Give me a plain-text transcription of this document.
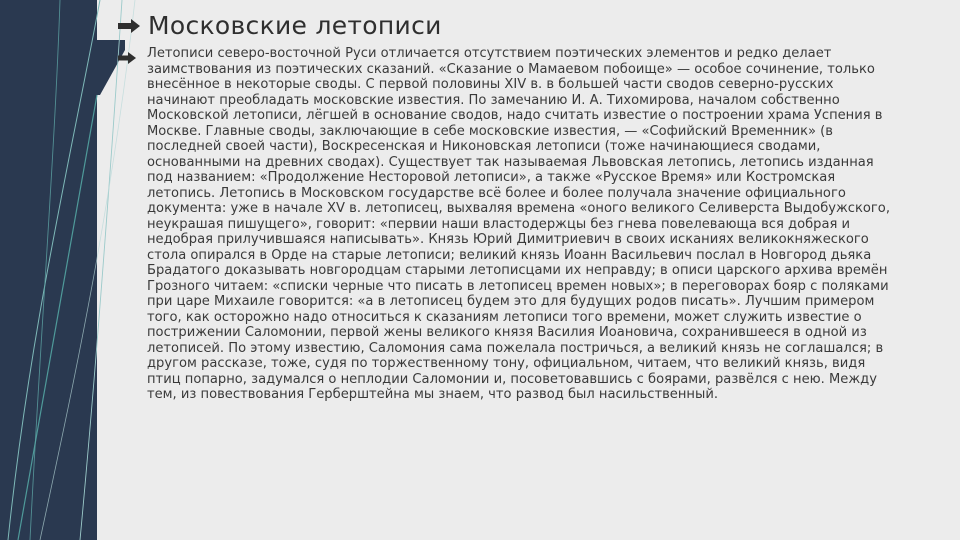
Московские летописи
Летописи северо-восточной Руси отличается отсутствием поэтических элементов и редко делает заимствования из поэтических сказаний. «Сказание о Мамаевом побоище» — особое сочинение, только внесённое в некоторые своды. С первой половины XIV в. в большей части сводов северно-русских начинают преобладать московские известия. По замечанию И. А. Тихомирова, началом собственно Московской летописи, лёгшей в основание сводов, надо считать известие о построении храма Успения в Москве. Главные своды, заключающие в себе московские известия, — «Софийский Временник» (в последней своей части), Воскресенская и Никоновская летописи (тоже начинающиеся сводами, основанными на древних сводах). Существует так называемая Львовская летопись, летопись изданная под названием: «Продолжение Несторовой летописи», а также «Русское Время» или Костромская летопись. Летопись в Московском государстве всё более и более получала значение официального документа: уже в начале XV в. летописец, выхваляя времена «оного великого Селиверста Выдобужского, неукрашая пишущего», говорит: «первии наши властодержцы без гнева повелевающа вся добрая и недобрая прилучившаяся написывать». Князь Юрий Димитриевич в своих исканиях великокняжеского стола опирался в Орде на старые летописи; великий князь Иоанн Васильевич послал в Новгород дьяка Брадатого доказывать новгородцам старыми летописцами их неправду; в описи царского архива времён Грозного читаем: «списки черные что писать в летописец времен новых»; в переговорах бояр с поляками при царе Михаиле говорится: «а в летописец будем это для будущих родов писать». Лучшим примером того, как осторожно надо относиться к сказаниям летописи того времени, может служить известие о пострижении Саломонии, первой жены великого князя Василия Иоановича, сохранившееся в одной из летописей. По этому известию, Саломония сама пожелала постричься, а великий князь не соглашался; в другом рассказе, тоже, судя по торжественному тону, официальном, читаем, что великий князь, видя птиц попарно, задумался о неплодии Саломонии и, посоветовавшись с боярами, развёлся с нею. Между тем, из повествования Герберштейна мы знаем, что развод был насильственный.
